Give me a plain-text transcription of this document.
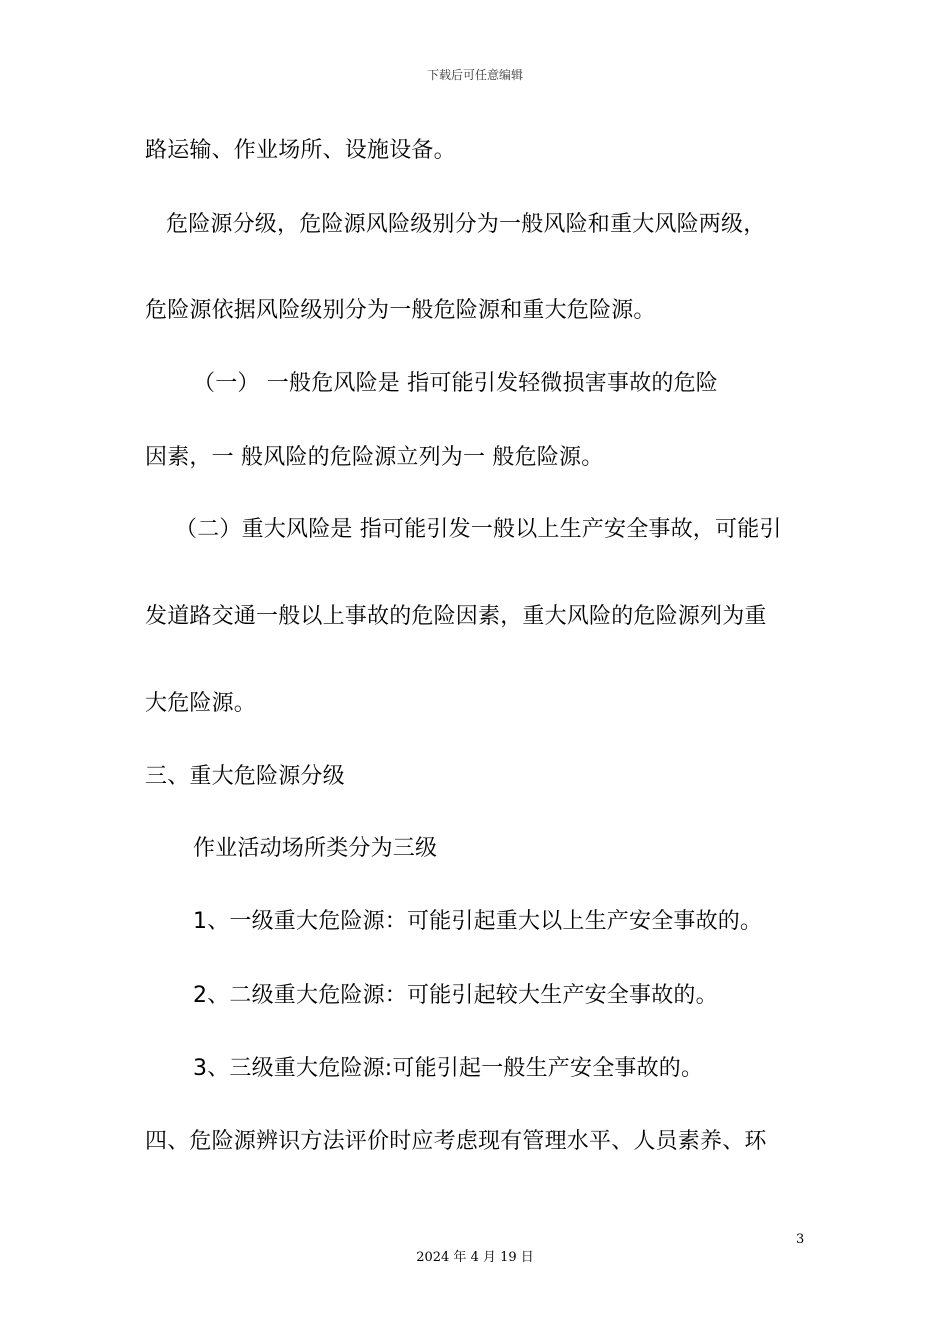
下载后可任意编辑
路运输、作业场所、设施设备。
危险源分级，危险源风险级别分为一般风险和重大风险两级，
危险源依据风险级别分为一般危险源和重大危险源。
（一） 一般危风险是 指可能引发轻微损害事故的危险
因素，一 般风险的危险源立列为一 般危险源。
（二）重大风险是 指可能引发一般以上生产安全事故，可能引
发道路交通一般以上事故的危险因素，重大风险的危险源列为重
大危险源。
三、重大危险源分级
作业活动场所类分为三级
1、一级重大危险源：可能引起重大以上生产安全事故的。
2、二级重大危险源：可能引起较大生产安全事故的。
3、三级重大危险源:可能引起一般生产安全事故的。
四、危险源辨识方法评价时应考虑现有管理水平、人员素养、环
3
2024 年 4 月 19 日
